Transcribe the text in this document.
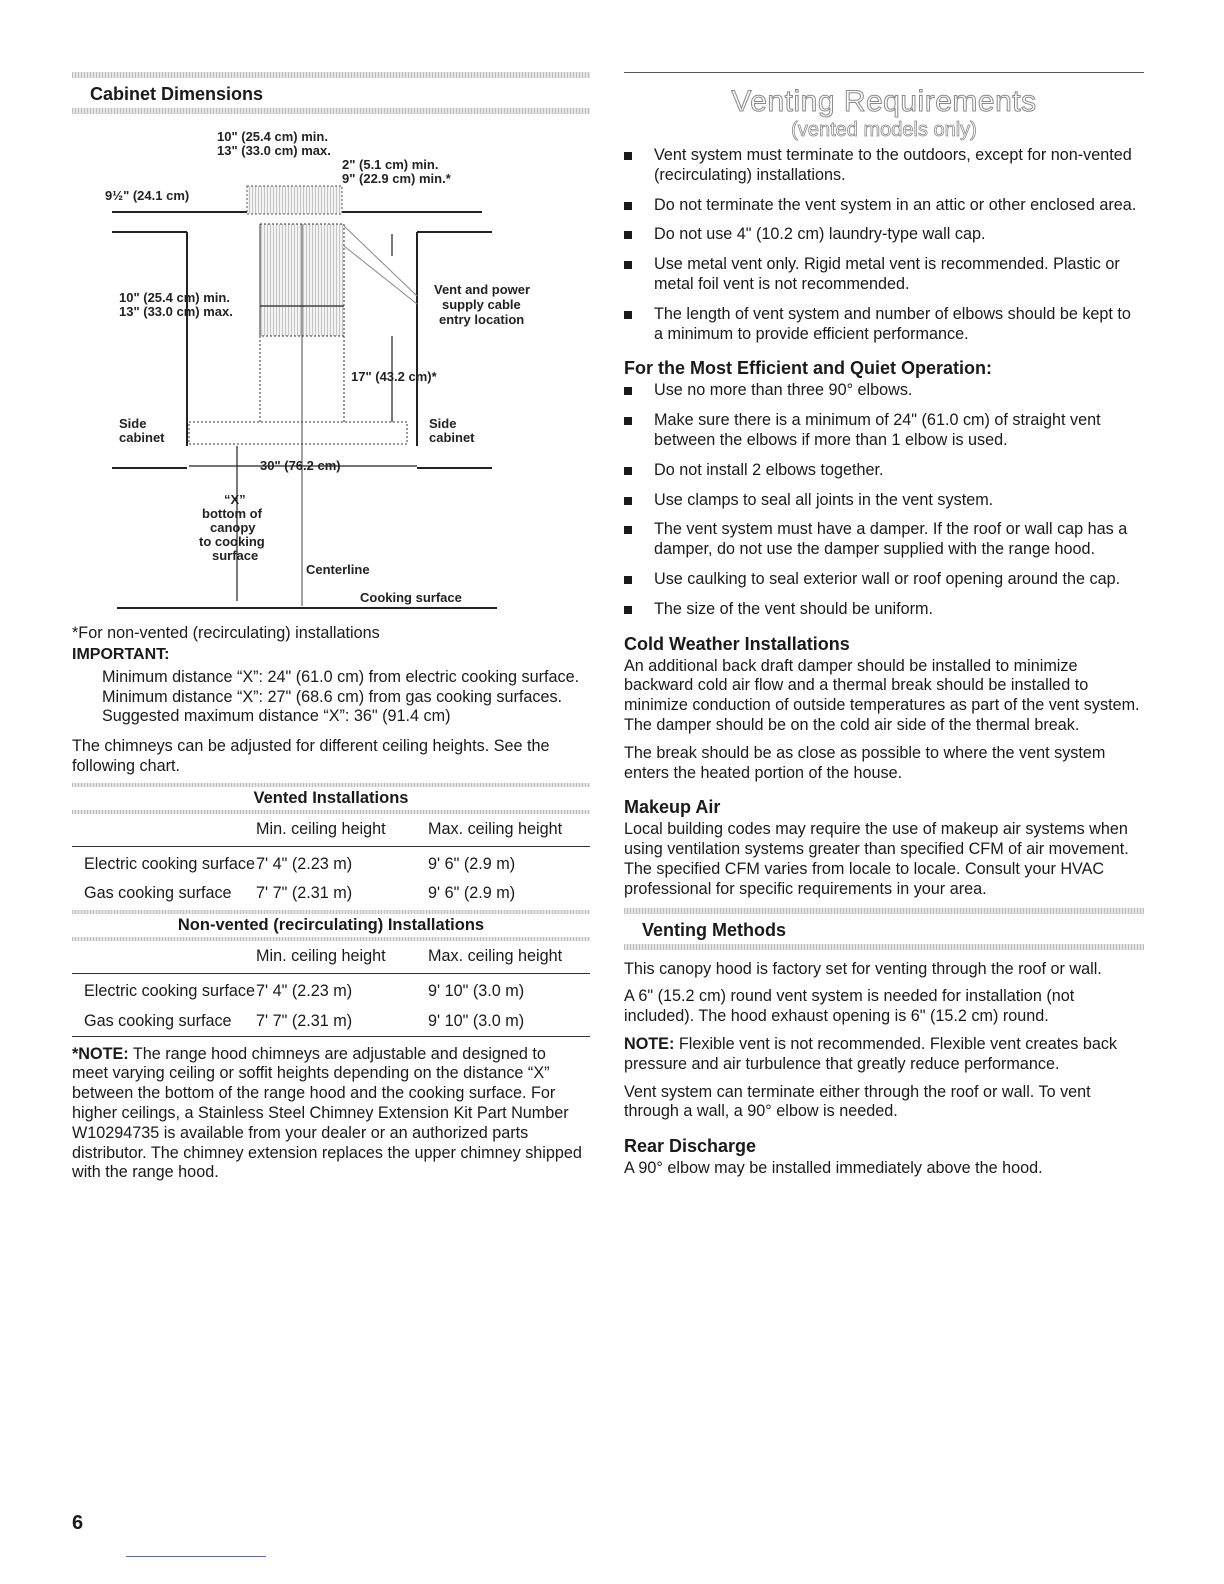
Cabinet Dimensions
10" (25.4 cm) min.
13" (33.0 cm) max.
2" (5.1 cm) min.
9" (22.9 cm) min.*
9½" (24.1 cm)
10" (25.4 cm) min.
13" (33.0 cm) max.
Vent and power
supply cable
entry location
17" (43.2 cm)*
Side
cabinet
Side
cabinet
30" (76.2 cm)
“X”
bottom of
canopy
to cooking
surface
Centerline
Cooking surface
*For non-vented (recirculating) installations
IMPORTANT:
Minimum distance “X”: 24" (61.0 cm) from electric cooking surface.
Minimum distance “X”: 27" (68.6 cm) from gas cooking surfaces.
Suggested maximum distance “X”: 36" (91.4 cm)
The chimneys can be adjusted for different ceiling heights. See the following chart.
Vented Installations
	Min. ceiling height	Max. ceiling height
Electric cooking surface	7' 4" (2.23 m)	9' 6" (2.9 m)
Gas cooking surface	7' 7" (2.31 m)	9' 6" (2.9 m)
Non-vented (recirculating) Installations
	Min. ceiling height	Max. ceiling height
Electric cooking surface	7' 4" (2.23 m)	9' 10" (3.0 m)
Gas cooking surface	7' 7" (2.31 m)	9' 10" (3.0 m)
*NOTE: The range hood chimneys are adjustable and designed to meet varying ceiling or soffit heights depending on the distance “X” between the bottom of the range hood and the cooking surface. For higher ceilings, a Stainless Steel Chimney Extension Kit Part Number W10294735 is available from your dealer or an authorized parts distributor. The chimney extension replaces the upper chimney shipped with the range hood.
Venting Requirements
(vented models only)
Vent system must terminate to the outdoors, except for non-vented (recirculating) installations.
Do not terminate the vent system in an attic or other enclosed area.
Do not use 4" (10.2 cm) laundry-type wall cap.
Use metal vent only. Rigid metal vent is recommended. Plastic or metal foil vent is not recommended.
The length of vent system and number of elbows should be kept to a minimum to provide efficient performance.
For the Most Efficient and Quiet Operation:
Use no more than three 90° elbows.
Make sure there is a minimum of 24" (61.0 cm) of straight vent between the elbows if more than 1 elbow is used.
Do not install 2 elbows together.
Use clamps to seal all joints in the vent system.
The vent system must have a damper. If the roof or wall cap has a damper, do not use the damper supplied with the range hood.
Use caulking to seal exterior wall or roof opening around the cap.
The size of the vent should be uniform.
Cold Weather Installations

An additional back draft damper should be installed to minimize backward cold air flow and a thermal break should be installed to minimize conduction of outside temperatures as part of the vent system. The damper should be on the cold air side of the thermal break.

The break should be as close as possible to where the vent system enters the heated portion of the house.

Makeup Air

Local building codes may require the use of makeup air systems when using ventilation systems greater than specified CFM of air movement. The specified CFM varies from locale to locale. Consult your HVAC professional for specific requirements in your area.

Venting Methods

This canopy hood is factory set for venting through the roof or wall.

A 6" (15.2 cm) round vent system is needed for installation (not included). The hood exhaust opening is 6" (15.2 cm) round.

NOTE: Flexible vent is not recommended. Flexible vent creates back pressure and air turbulence that greatly reduce performance.

Vent system can terminate either through the roof or wall. To vent through a wall, a 90° elbow is needed.

Rear Discharge

A 90° elbow may be installed immediately above the hood.

6
